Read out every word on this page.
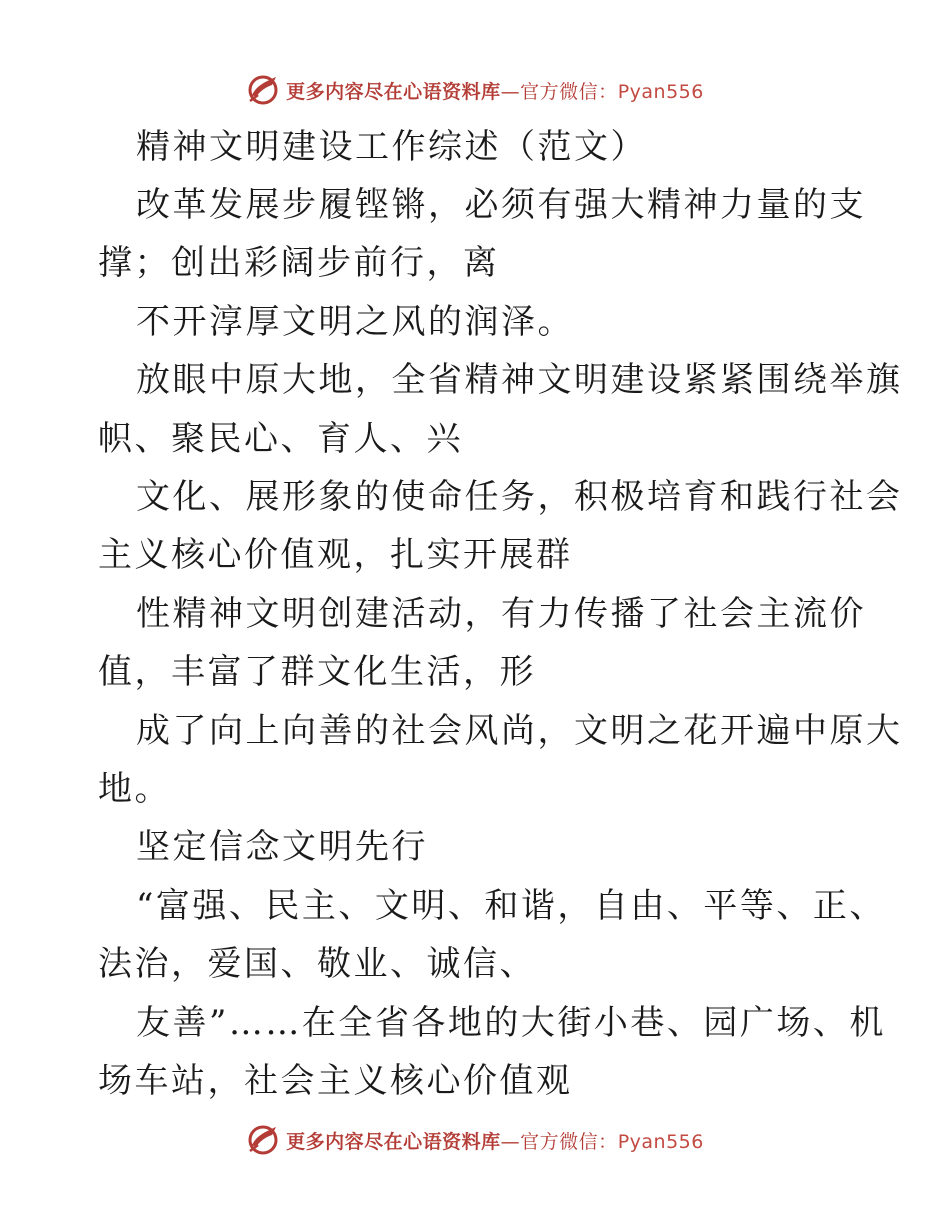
更多内容尽在心语资料库—官方微信：Pyan556
精神文明建设工作综述（范文）
改革发展步履铿锵，必须有强大精神力量的支
撑；创出彩阔步前行，离
不开淳厚文明之风的润泽。
放眼中原大地，全省精神文明建设紧紧围绕举旗
帜、聚民心、育人、兴
文化、展形象的使命任务，积极培育和践行社会
主义核心价值观，扎实开展群
性精神文明创建活动，有力传播了社会主流价
值，丰富了群文化生活，形
成了向上向善的社会风尚，文明之花开遍中原大
地。
坚定信念文明先行
“富强、民主、文明、和谐，自由、平等、正、
法治，爱国、敬业、诚信、
友善”……在全省各地的大街小巷、园广场、机
场车站，社会主义核心价值观
更多内容尽在心语资料库—官方微信：Pyan556
